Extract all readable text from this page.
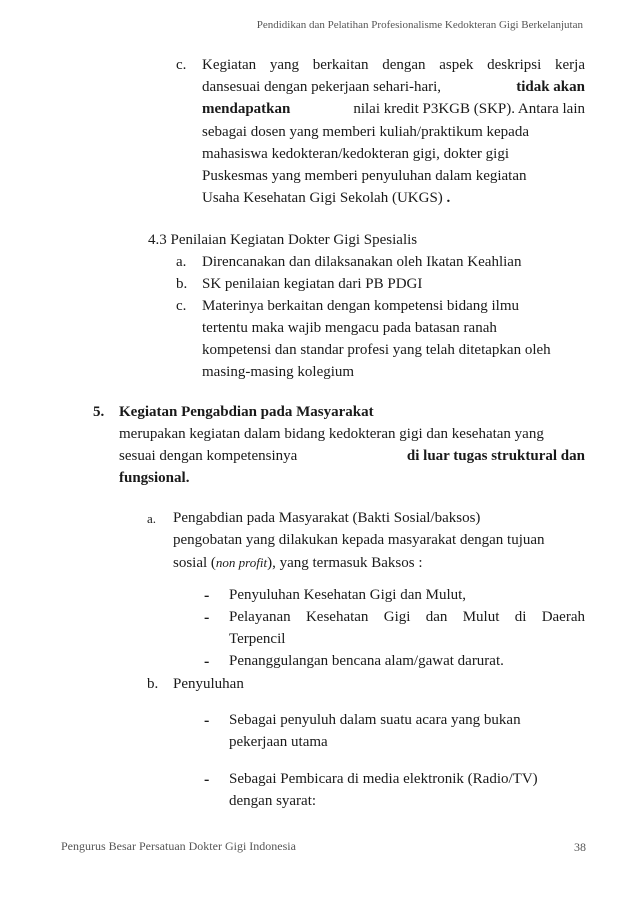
Pendidikan dan Pelatihan Profesionalisme Kedokteran Gigi Berkelanjutan
c. Kegiatan yang berkaitan dengan aspek deskripsi kerja
dansesuai dengan pekerjaan sehari-hari,	tidak akan
mendapatkan	nilai kredit P3KGB (SKP). Antara lain
sebagai dosen yang memberi kuliah/praktikum kepada
mahasiswa kedokteran/kedokteran gigi, dokter gigi
Puskesmas yang memberi penyuluhan dalam kegiatan
Usaha Kesehatan Gigi Sekolah (UKGS) .
4.3 Penilaian Kegiatan Dokter Gigi Spesialis
a. Direncanakan dan dilaksanakan oleh Ikatan Keahlian
b. SK penilaian kegiatan dari PB PDGI
c. Materinya berkaitan dengan kompetensi bidang ilmu
tertentu maka wajib mengacu pada batasan ranah
kompetensi dan standar profesi yang telah ditetapkan oleh
masing-masing kolegium
5. Kegiatan Pengabdian pada Masyarakat
merupakan kegiatan dalam bidang kedokteran gigi dan kesehatan yang
sesuai dengan kompetensinya	di luar tugas struktural dan
fungsional.
a. Pengabdian pada Masyarakat (Bakti Sosial/baksos)
pengobatan yang dilakukan kepada masyarakat dengan tujuan
sosial (non profit), yang termasuk Baksos :
- Penyuluhan Kesehatan Gigi dan Mulut,
- Pelayanan Kesehatan Gigi dan Mulut di Daerah
Terpencil
- Penanggulangan bencana alam/gawat darurat.
b. Penyuluhan
- Sebagai penyuluh dalam suatu acara yang bukan
pekerjaan utama
- Sebagai Pembicara di media elektronik (Radio/TV)
dengan syarat:
Pengurus Besar Persatuan Dokter Gigi Indonesia	38
